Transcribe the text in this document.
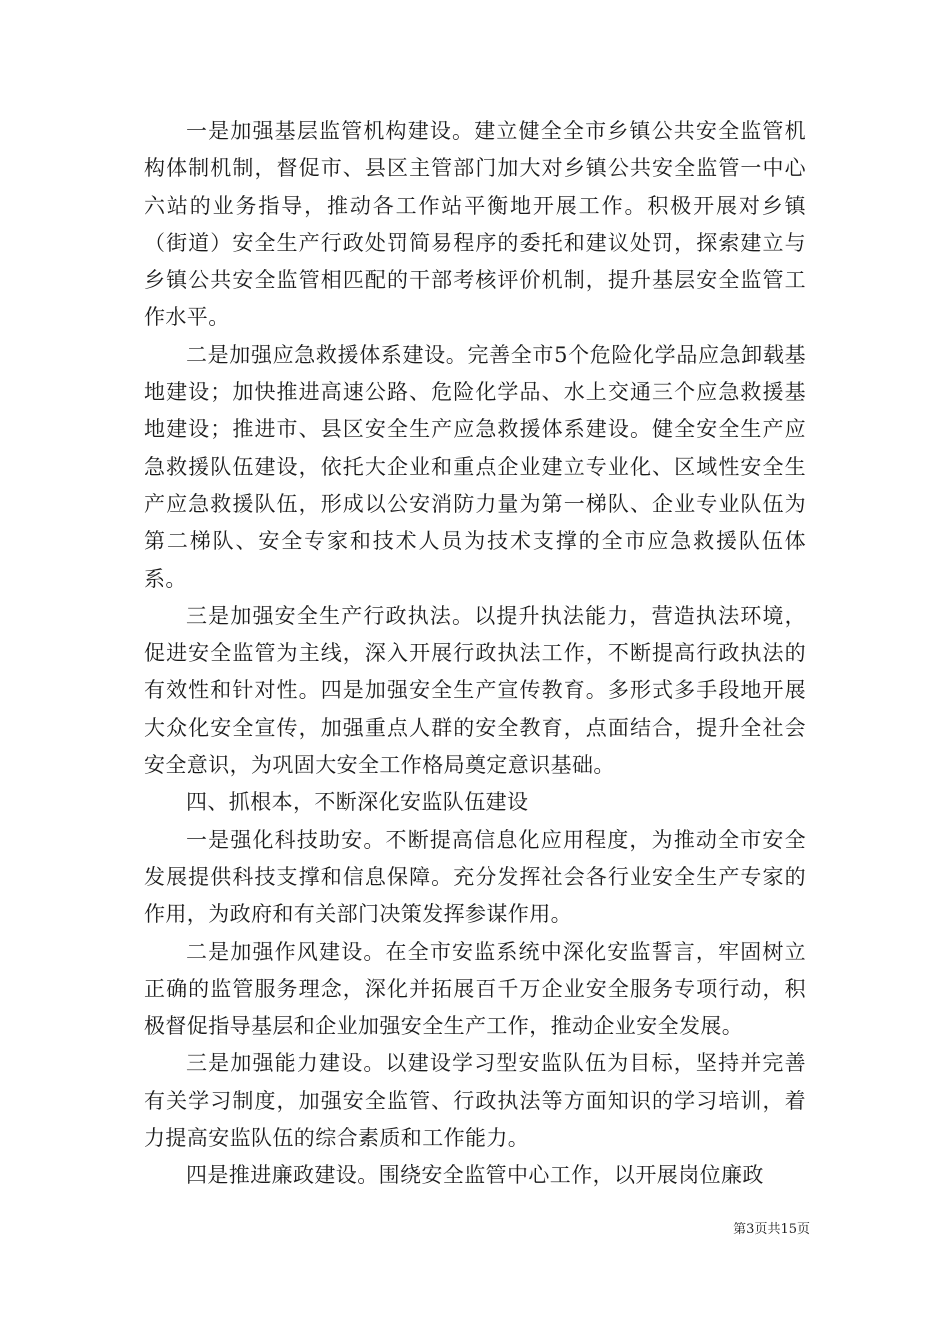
一是加强基层监管机构建设。建立健全全市乡镇公共安全监管机构体制机制，督促市、县区主管部门加大对乡镇公共安全监管一中心六站的业务指导，推动各工作站平衡地开展工作。积极开展对乡镇（街道）安全生产行政处罚简易程序的委托和建议处罚，探索建立与乡镇公共安全监管相匹配的干部考核评价机制，提升基层安全监管工作水平。

二是加强应急救援体系建设。完善全市5个危险化学品应急卸载基地建设；加快推进高速公路、危险化学品、水上交通三个应急救援基地建设；推进市、县区安全生产应急救援体系建设。健全安全生产应急救援队伍建设，依托大企业和重点企业建立专业化、区域性安全生产应急救援队伍，形成以公安消防力量为第一梯队、企业专业队伍为第二梯队、安全专家和技术人员为技术支撑的全市应急救援队伍体系。

三是加强安全生产行政执法。以提升执法能力，营造执法环境，促进安全监管为主线，深入开展行政执法工作，不断提高行政执法的有效性和针对性。四是加强安全生产宣传教育。多形式多手段地开展大众化安全宣传，加强重点人群的安全教育，点面结合，提升全社会安全意识，为巩固大安全工作格局奠定意识基础。

四、抓根本，不断深化安监队伍建设

一是强化科技助安。不断提高信息化应用程度，为推动全市安全发展提供科技支撑和信息保障。充分发挥社会各行业安全生产专家的作用，为政府和有关部门决策发挥参谋作用。

二是加强作风建设。在全市安监系统中深化安监誓言，牢固树立正确的监管服务理念，深化并拓展百千万企业安全服务专项行动，积极督促指导基层和企业加强安全生产工作，推动企业安全发展。

三是加强能力建设。以建设学习型安监队伍为目标，坚持并完善有关学习制度，加强安全监管、行政执法等方面知识的学习培训，着力提高安监队伍的综合素质和工作能力。

四是推进廉政建设。围绕安全监管中心工作，以开展岗位廉政

第3页共15页
